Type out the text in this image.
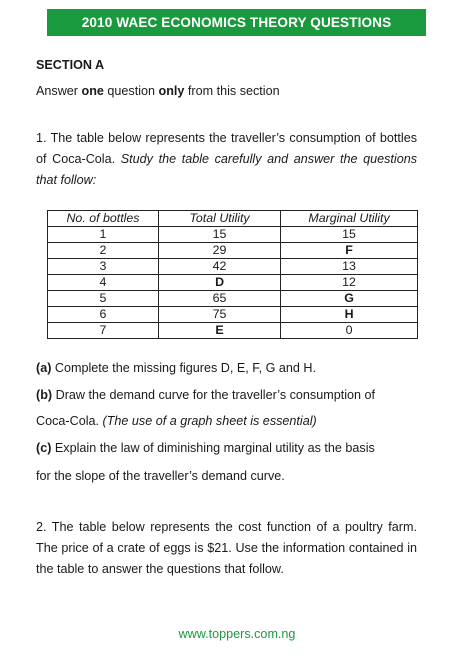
2010 WAEC ECONOMICS THEORY QUESTIONS
SECTION A
Answer one question only from this section
1. The table below represents the traveller’s consumption of bottles of Coca-Cola. Study the table carefully and answer the questions that follow:
No. of bottles	Total Utility	Marginal Utility
1	15	15
2	29	F
3	42	13
4	D	12
5	65	G
6	75	H
7	E	0
(a) Complete the missing figures D, E, F, G and H.
(b) Draw the demand curve for the traveller’s consumption of
Coca-Cola. (The use of a graph sheet is essential)
(c) Explain the law of diminishing marginal utility as the basis
for the slope of the traveller’s demand curve.
2. The table below represents the cost function of a poultry farm. The price of a crate of eggs is $21. Use the information contained in the table to answer the questions that follow.
www.toppers.com.ng
